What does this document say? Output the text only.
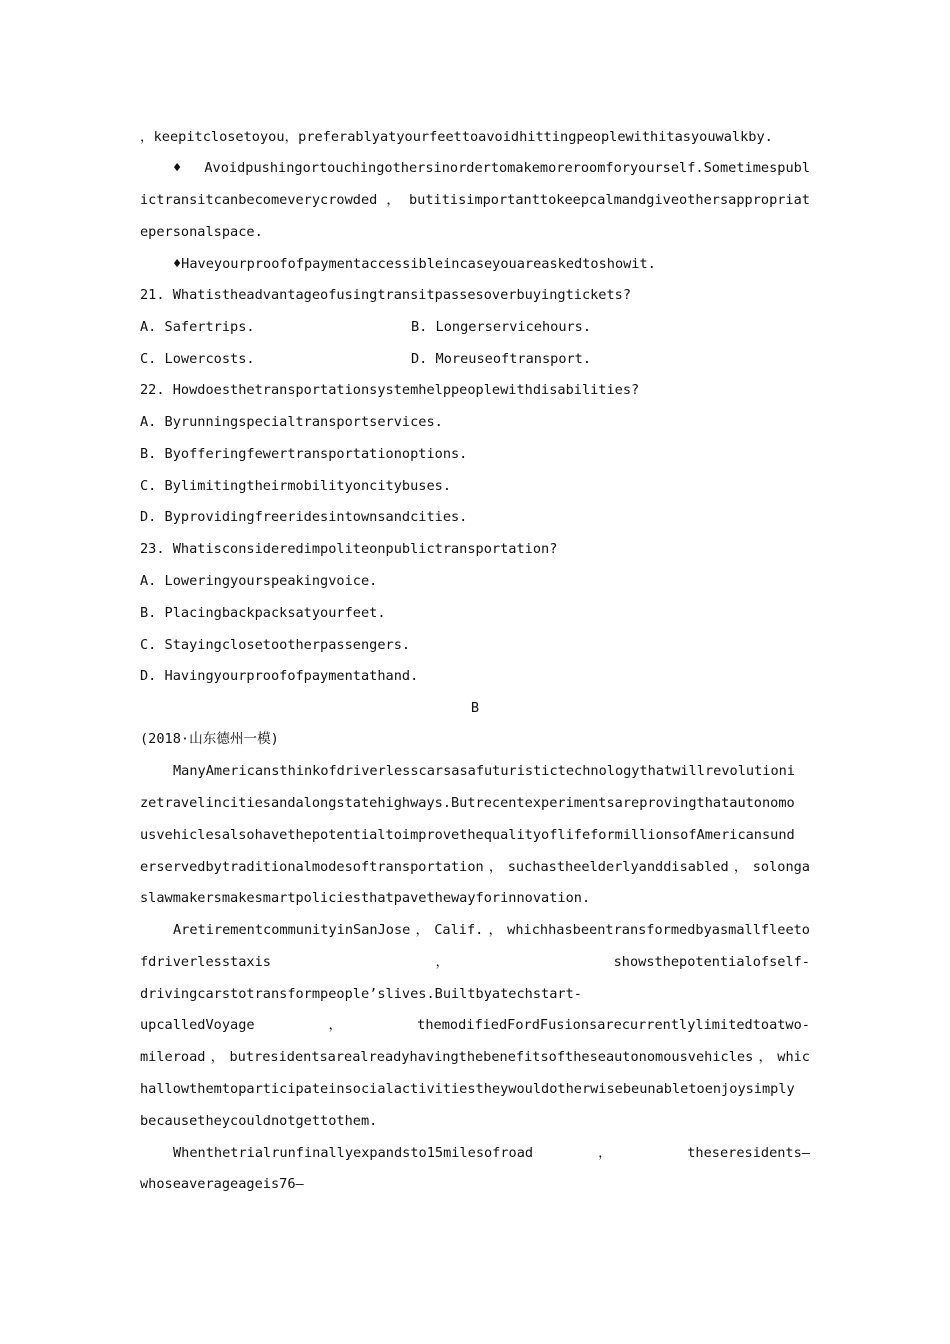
，keepitclosetoyou，preferablyatyourfeettoavoidhittingpeoplewithitasyouwalkby.
♦Avoidpushingortouchingothersinordertomakemoreroomforyourself.Sometimespubl
ictransitcanbecomeverycrowded，butitisimportanttokeepcalmandgiveothersappropriat
epersonalspace.
♦Haveyourproofofpaymentaccessibleincaseyouareaskedtoshowit.
21. Whatistheadvantageofusingtransitpassesoverbuyingtickets?
A. Safertrips.	B. Longerservicehours.
C. Lowercosts.	D. Moreuseoftransport.
22. Howdoesthetransportationsystemhelppeoplewithdisabilities?
A. Byrunningspecialtransportservices.
B. Byofferingfewertransportationoptions.
C. Bylimitingtheirmobilityoncitybuses.
D. Byprovidingfreeridesintownsandcities.
23. Whatisconsideredimpoliteonpublictransportation?
A. Loweringyourspeakingvoice.
B. Placingbackpacksatyourfeet.
C. Stayingclosetootherpassengers.
D. Havingyourproofofpaymentathand.
B
(2018·山东德州一模)
ManyAmericansthinkofdriverlesscarsasafuturistictechnologythatwillrevolutioni
zetravelincitiesandalongstatehighways.Butrecentexperimentsareprovingthatautonomo
usvehiclesalsohavethepotentialtoimprovethequalityoflifeformillionsofAmericansund
erservedbytraditionalmodesoftransportation，suchastheelderlyanddisabled，solonga
slawmakersmakesmartpoliciesthatpavethewayforinnovation.
AretirementcommunityinSanJose，Calif.，whichhasbeentransformedbyasmallfleeto
fdriverlesstaxis                    ，                    showsthepotentialofself-
drivingcarstotransformpeople’slives.Builtbyatechstart-
upcalledVoyage        ，        themodifiedFordFusionsarecurrentlylimitedtoatwo-
mileroad，butresidentsarealreadyhavingthebenefitsoftheseautonomousvehicles，whic
hallowthemtoparticipateinsocialactivitiestheywouldotherwisebeunabletoenjoysimply
becausetheycouldnotgettothem.
Whenthetrialrunfinallyexpandsto15milesofroad       ，        theseresidents—
whoseaverageageis76—
